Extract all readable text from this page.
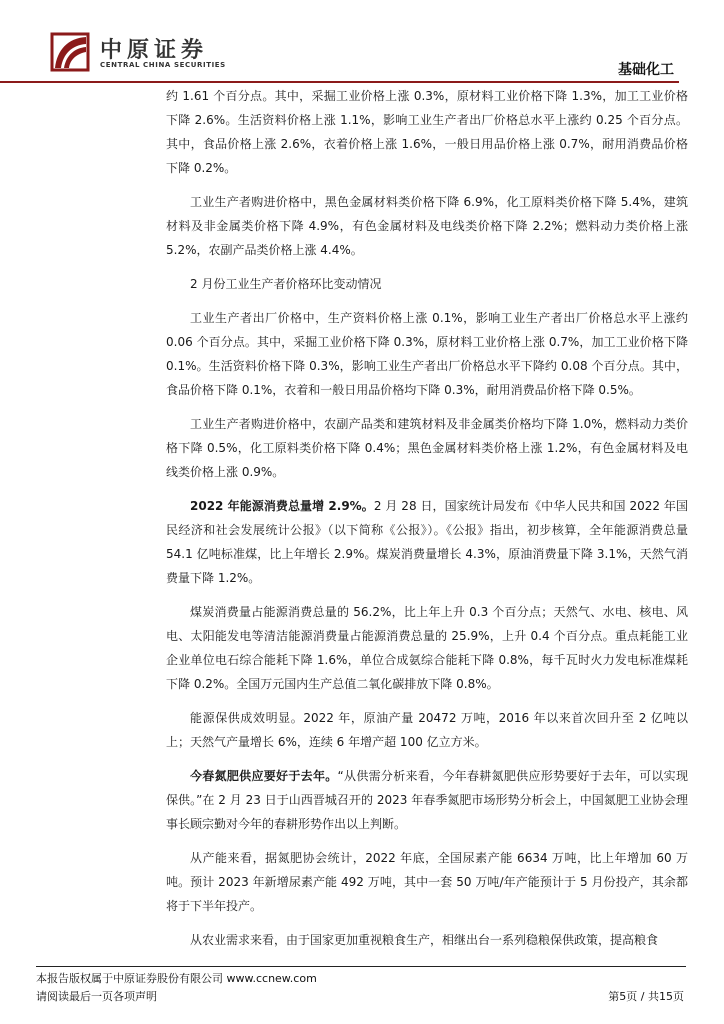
中原证券
CENTRAL CHINA SECURITIES	基础化工

约 1.61 个百分点。其中，采掘工业价格上涨 0.3%，原材料工业价格下降 1.3%，加工工业价格下降 2.6%。生活资料价格上涨 1.1%，影响工业生产者出厂价格总水平上涨约 0.25 个百分点。其中，食品价格上涨 2.6%，衣着价格上涨 1.6%，一般日用品价格上涨 0.7%，耐用消费品价格下降 0.2%。

工业生产者购进价格中，黑色金属材料类价格下降 6.9%，化工原料类价格下降 5.4%，建筑材料及非金属类价格下降 4.9%，有色金属材料及电线类价格下降 2.2%；燃料动力类价格上涨 5.2%，农副产品类价格上涨 4.4%。

2 月份工业生产者价格环比变动情况

工业生产者出厂价格中，生产资料价格上涨 0.1%，影响工业生产者出厂价格总水平上涨约 0.06 个百分点。其中，采掘工业价格下降 0.3%，原材料工业价格上涨 0.7%，加工工业价格下降 0.1%。生活资料价格下降 0.3%，影响工业生产者出厂价格总水平下降约 0.08 个百分点。其中，食品价格下降 0.1%，衣着和一般日用品价格均下降 0.3%，耐用消费品价格下降 0.5%。

工业生产者购进价格中，农副产品类和建筑材料及非金属类价格均下降 1.0%，燃料动力类价格下降 0.5%，化工原料类价格下降 0.4%；黑色金属材料类价格上涨 1.2%，有色金属材料及电线类价格上涨 0.9%。

2022 年能源消费总量增 2.9%。2 月 28 日，国家统计局发布《中华人民共和国 2022 年国民经济和社会发展统计公报》（以下简称《公报》）。《公报》指出，初步核算，全年能源消费总量 54.1 亿吨标准煤，比上年增长 2.9%。煤炭消费量增长 4.3%，原油消费量下降 3.1%，天然气消费量下降 1.2%。

煤炭消费量占能源消费总量的 56.2%，比上年上升 0.3 个百分点；天然气、水电、核电、风电、太阳能发电等清洁能源消费量占能源消费总量的 25.9%，上升 0.4 个百分点。重点耗能工业企业单位电石综合能耗下降 1.6%，单位合成氨综合能耗下降 0.8%，每千瓦时火力发电标准煤耗下降 0.2%。全国万元国内生产总值二氧化碳排放下降 0.8%。

能源保供成效明显。2022 年，原油产量 20472 万吨，2016 年以来首次回升至 2 亿吨以上；天然气产量增长 6%，连续 6 年增产超 100 亿立方米。

今春氮肥供应要好于去年。“从供需分析来看，今年春耕氮肥供应形势要好于去年，可以实现保供。”在 2 月 23 日于山西晋城召开的 2023 年春季氮肥市场形势分析会上，中国氮肥工业协会理事长顾宗勤对今年的春耕形势作出以上判断。

从产能来看，据氮肥协会统计，2022 年底，全国尿素产能 6634 万吨，比上年增加 60 万吨。预计 2023 年新增尿素产能 492 万吨，其中一套 50 万吨/年产能预计于 5 月份投产，其余都将于下半年投产。

从农业需求来看，由于国家更加重视粮食生产，相继出台一系列稳粮保供政策，提高粮食

本报告版权属于中原证券股份有限公司 www.ccnew.com
请阅读最后一页各项声明	第5页 / 共15页
